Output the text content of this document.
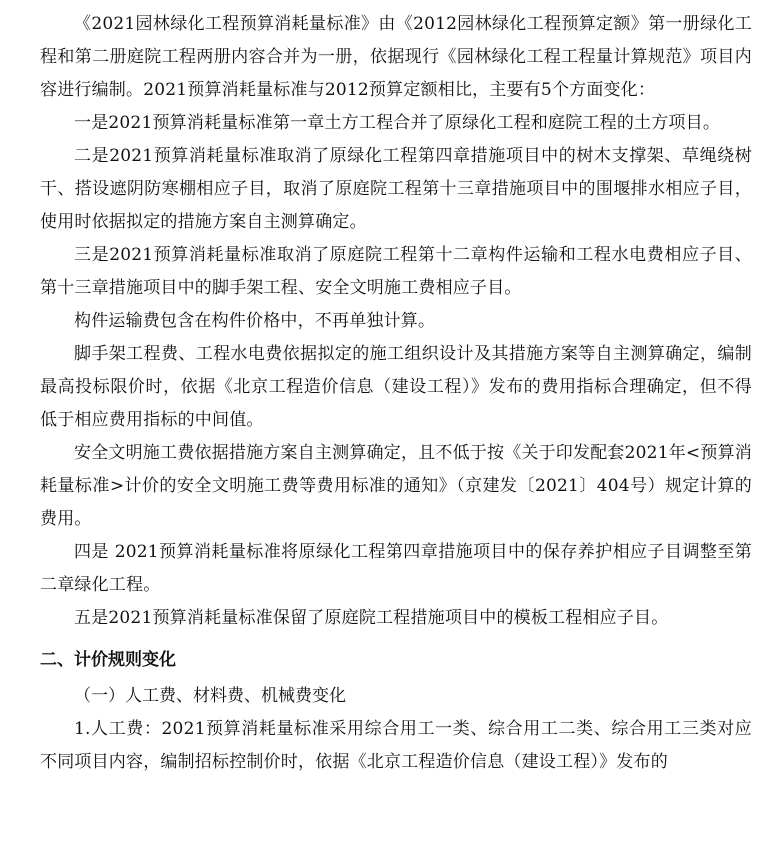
《2021园林绿化工程预算消耗量标准》由《2012园林绿化工程预算定额》第一册绿化工程和第二册庭院工程两册内容合并为一册，依据现行《园林绿化工程工程量计算规范》项目内容进行编制。2021预算消耗量标准与2012预算定额相比，主要有5个方面变化：

一是2021预算消耗量标准第一章土方工程合并了原绿化工程和庭院工程的土方项目。

二是2021预算消耗量标准取消了原绿化工程第四章措施项目中的树木支撑架、草绳绕树干、搭设遮阴防寒棚相应子目，取消了原庭院工程第十三章措施项目中的围堰排水相应子目，使用时依据拟定的措施方案自主测算确定。

三是2021预算消耗量标准取消了原庭院工程第十二章构件运输和工程水电费相应子目、第十三章措施项目中的脚手架工程、安全文明施工费相应子目。

构件运输费包含在构件价格中，不再单独计算。

脚手架工程费、工程水电费依据拟定的施工组织设计及其措施方案等自主测算确定，编制最高投标限价时，依据《北京工程造价信息（建设工程）》发布的费用指标合理确定，但不得低于相应费用指标的中间值。

安全文明施工费依据措施方案自主测算确定，且不低于按《关于印发配套2021年<预算消耗量标准>计价的安全文明施工费等费用标准的通知》（京建发〔2021〕404号）规定计算的费用。

四是 2021预算消耗量标准将原绿化工程第四章措施项目中的保存养护相应子目调整至第二章绿化工程。

五是2021预算消耗量标准保留了原庭院工程措施项目中的模板工程相应子目。

二、计价规则变化
（一）人工费、材料费、机械费变化

1.人工费：2021预算消耗量标准采用综合用工一类、综合用工二类、综合用工三类对应不同项目内容，编制招标控制价时，依据《北京工程造价信息（建设工程）》发布的
